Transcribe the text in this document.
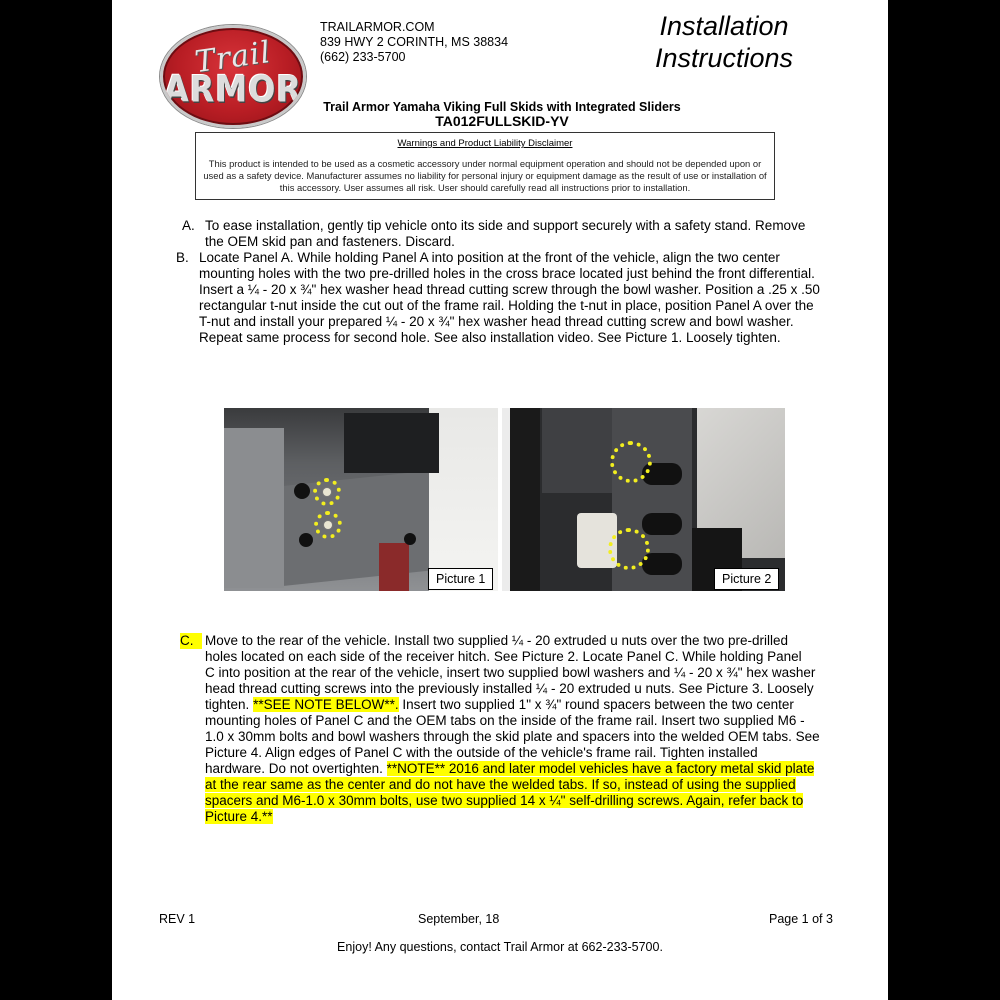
Trail
ARMOR
TRAILARMOR.COM
839 HWY 2 CORINTH, MS 38834
(662) 233-5700
Installation
Instructions
Trail Armor Yamaha Viking Full Skids with Integrated Sliders
TA012FULLSKID-YV
Warnings and Product Liability Disclaimer
This product is intended to be used as a cosmetic accessory under normal equipment operation and should not be depended upon or used as a safety device. Manufacturer assumes no liability for personal injury or equipment damage as the result of use or installation of this accessory. User assumes all risk. User should carefully read all instructions prior to installation.
A. To ease installation, gently tip vehicle onto its side and support securely with a safety stand. Remove
the OEM skid pan and fasteners. Discard.
B. Locate Panel A. While holding Panel A into position at the front of the vehicle, align the two center
mounting holes with the two pre-drilled holes in the cross brace located just behind the front differential.
Insert a ¼ - 20 x ¾" hex washer head thread cutting screw through the bowl washer. Position a .25 x .50
rectangular t-nut inside the cut out of the frame rail. Holding the t-nut in place, position Panel A over the
T-nut and install your prepared ¼ - 20 x ¾" hex washer head thread cutting screw and bowl washer.
Repeat same process for second hole. See also installation video. See Picture 1. Loosely tighten.
C. Move to the rear of the vehicle. Install two supplied ¼ - 20 extruded u nuts over the two pre-drilled
holes located on each side of the receiver hitch. See Picture 2. Locate Panel C. While holding Panel
C into position at the rear of the vehicle, insert two supplied bowl washers and ¼ - 20 x ¾" hex washer
head thread cutting screws into the previously installed ¼ - 20 extruded u nuts. See Picture 3. Loosely
tighten. **SEE NOTE BELOW**. Insert two supplied 1" x ¾" round spacers between the two center
mounting holes of Panel C and the OEM tabs on the inside of the frame rail. Insert two supplied M6 -
1.0 x 30mm bolts and bowl washers through the skid plate and spacers into the welded OEM tabs. See
Picture 4. Align edges of Panel C with the outside of the vehicle's frame rail. Tighten installed
hardware. Do not overtighten. **NOTE** 2016 and later model vehicles have a factory metal skid plate
at the rear same as the center and do not have the welded tabs. If so, instead of using the supplied
spacers and M6-1.0 x 30mm bolts, use two supplied 14 x ¼" self-drilling screws. Again, refer back to
Picture 4.**
Picture 1	Picture 2
REV 1	September, 18	Page 1 of 3
Enjoy! Any questions, contact Trail Armor at 662-233-5700.
